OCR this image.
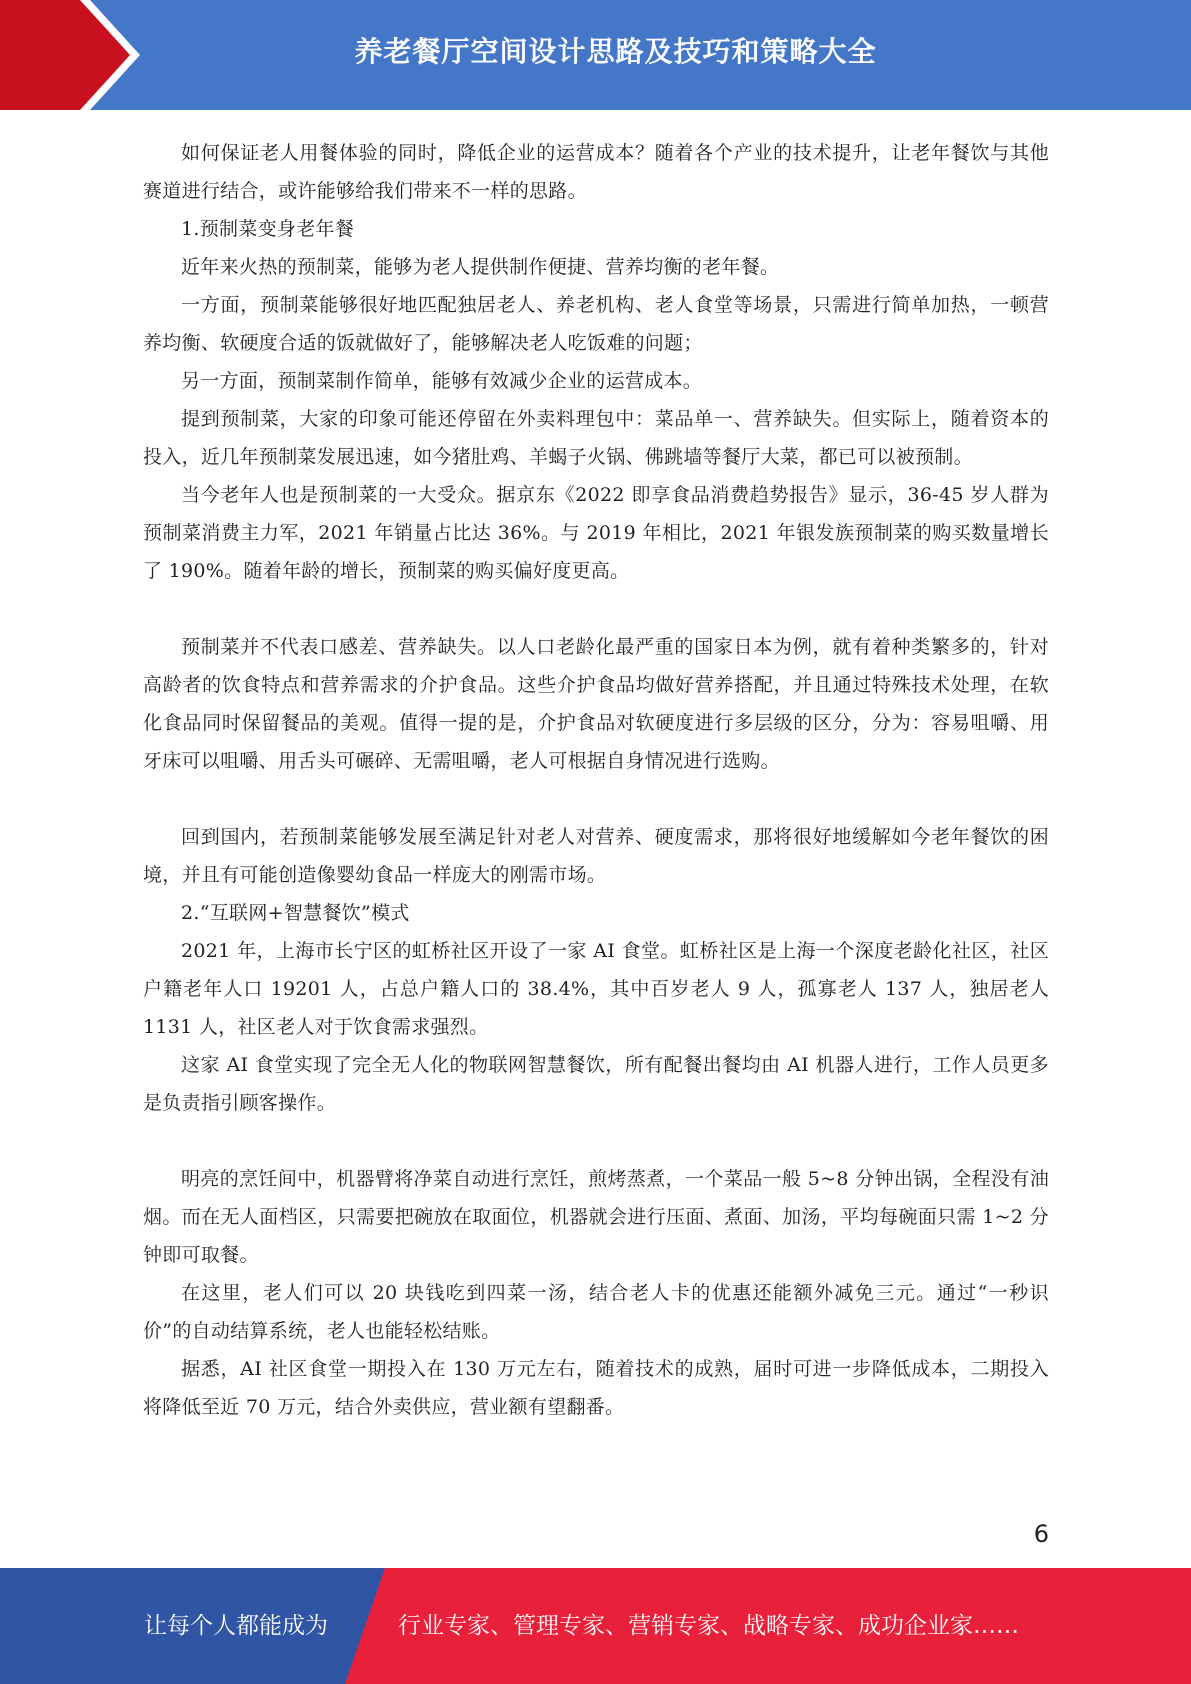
养老餐厅空间设计思路及技巧和策略大全

如何保证老人用餐体验的同时，降低企业的运营成本？随着各个产业的技术提升，让老年餐饮与其他赛道进行结合，或许能够给我们带来不一样的思路。

1.预制菜变身老年餐

近年来火热的预制菜，能够为老人提供制作便捷、营养均衡的老年餐。

一方面，预制菜能够很好地匹配独居老人、养老机构、老人食堂等场景，只需进行简单加热，一顿营养均衡、软硬度合适的饭就做好了，能够解决老人吃饭难的问题；

另一方面，预制菜制作简单，能够有效减少企业的运营成本。

提到预制菜，大家的印象可能还停留在外卖料理包中：菜品单一、营养缺失。但实际上，随着资本的投入，近几年预制菜发展迅速，如今猪肚鸡、羊蝎子火锅、佛跳墙等餐厅大菜，都已可以被预制。

当今老年人也是预制菜的一大受众。据京东《2022 即享食品消费趋势报告》显示，36-45 岁人群为预制菜消费主力军，2021 年销量占比达 36%。与 2019 年相比，2021 年银发族预制菜的购买数量增长了 190%。随着年龄的增长，预制菜的购买偏好度更高。

预制菜并不代表口感差、营养缺失。以人口老龄化最严重的国家日本为例，就有着种类繁多的，针对高龄者的饮食特点和营养需求的介护食品。这些介护食品均做好营养搭配，并且通过特殊技术处理，在软化食品同时保留餐品的美观。值得一提的是，介护食品对软硬度进行多层级的区分，分为：容易咀嚼、用牙床可以咀嚼、用舌头可碾碎、无需咀嚼，老人可根据自身情况进行选购。

回到国内，若预制菜能够发展至满足针对老人对营养、硬度需求，那将很好地缓解如今老年餐饮的困境，并且有可能创造像婴幼食品一样庞大的刚需市场。

2.“互联网+智慧餐饮”模式

2021 年，上海市长宁区的虹桥社区开设了一家 AI 食堂。虹桥社区是上海一个深度老龄化社区，社区户籍老年人口 19201 人，占总户籍人口的 38.4%，其中百岁老人 9 人，孤寡老人 137 人，独居老人 1131 人，社区老人对于饮食需求强烈。

这家 AI 食堂实现了完全无人化的物联网智慧餐饮，所有配餐出餐均由 AI 机器人进行，工作人员更多是负责指引顾客操作。

明亮的烹饪间中，机器臂将净菜自动进行烹饪，煎烤蒸煮，一个菜品一般 5~8 分钟出锅，全程没有油烟。而在无人面档区，只需要把碗放在取面位，机器就会进行压面、煮面、加汤，平均每碗面只需 1~2 分钟即可取餐。

在这里，老人们可以 20 块钱吃到四菜一汤，结合老人卡的优惠还能额外减免三元。通过“一秒识价”的自动结算系统，老人也能轻松结账。

据悉，AI 社区食堂一期投入在 130 万元左右，随着技术的成熟，届时可进一步降低成本，二期投入将降低至近 70 万元，结合外卖供应，营业额有望翻番。

6
让每个人都能成为	行业专家、管理专家、营销专家、战略专家、成功企业家……
